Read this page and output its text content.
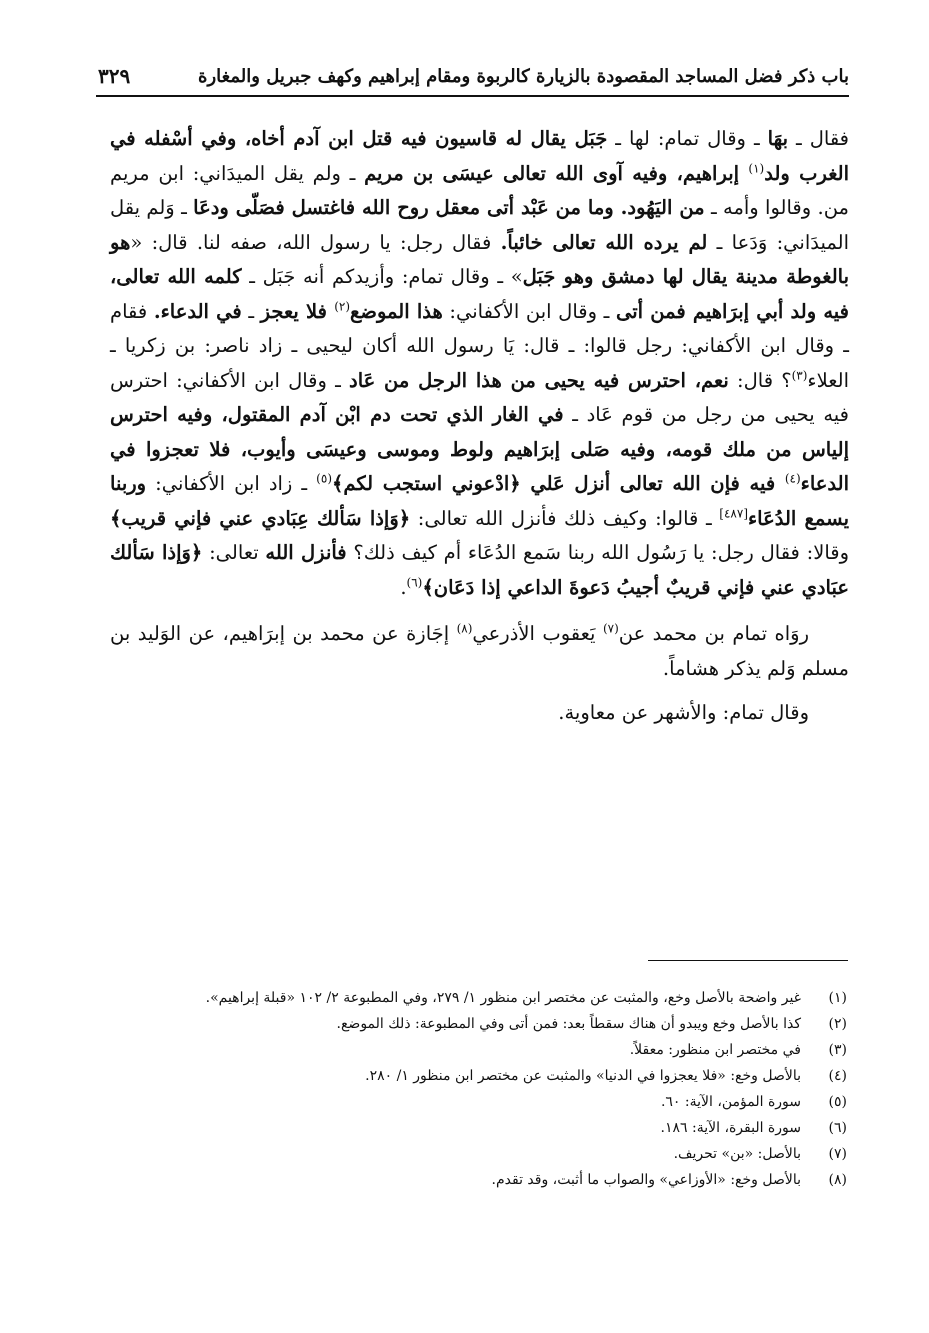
باب ذكر فضل المساجد المقصودة بالزيارة كالربوة ومقام إبراهيم وكهف جبريل والمغارة
٣٢٩

فقال ـ بهَا ـ وقال تمام: لها ـ جَبَل يقال له قاسيون فيه قتل ابن آدم أخاه، وفي أسْفله في الغرب ولد$^{(١)}$ إبراهيم، وفيه آوى الله تعالى عيسَى بن مريم ـ ولم يقل الميدَاني: ابن مريم من. وقالوا وأمه ـ من اليَهُود. وما من عَبْد أتى معقل روح الله فاغتسل فصَلّى ودعَا ـ وَلم يقل الميدَاني: وَدَعا ـ لم يرده الله تعالى خائباً. فقال رجل: يا رسول الله، صفه لنا. قال: «هو بالغوطة مدينة يقال لها دمشق وهو جَبَل» ـ وقال تمام: وأزيدكم أنه جَبَل ـ كلمه الله تعالى، فيه ولد أبي إبرَاهيم فمن أتى ـ وقال ابن الأكفاني: هذا الموضع$^{(٢)}$ فلا يعجز ـ في الدعاء. فقام ـ وقال ابن الأكفاني: رجل قالوا: ـ قال: يَا رسول الله أكان ليحيى ـ زاد ناصر: بن زكريا ـ العلاء$^{(٣)}$؟ قال: نعم، احترس فيه يحيى من هذا الرجل من عَاد ـ وقال ابن الأكفاني: احترس فيه يحيى من رجل من قوم عَاد ـ في الغار الذي تحت دم ابْن آدم المقتول، وفيه احترس إلياس من ملك قومه، وفيه صَلى إبرَاهيم ولوط وموسى وعيسَى وأيوب، فلا تعجزوا في الدعاء$^{(٤)}$ فيه فإن الله تعالى أنزل عَلي ﴿ادْعوني استجب لكم﴾$^{(٥)}$ ـ زاد ابن الأكفاني: وربنا يسمع الدُعَاء[٤٨٧] ـ قالوا: وكيف ذلك فأنزل الله تعالى: ﴿وَإذا سَألك عِبَادي عني فإني قريب﴾ وقالا: فقال رجل: يا رَسُول الله ربنا سَمع الدُعَاء أم كيف ذلك؟ فأنزل الله تعالى: ﴿وَإذا سَألك عبَادي عني فإني قريبٌ أجيبُ دَعوةَ الداعي إذا دَعَان﴾$^{(٦)}$.

روَاه تمام بن محمد عن$^{(٧)}$ يَعقوب الأذرعي$^{(٨)}$ إجَازة عن محمد بن إبرَاهيم، عن الوَليد بن مسلم وَلم يذكر هشاماً.

وقال تمام: والأشهر عن معاوية.

(١)
غير واضحة بالأصل وخع، والمثبت عن مختصر ابن منظور ١/ ٢٧٩، وفي المطبوعة ٢/ ١٠٢ «قبلة إبراهيم».
(٢)
كذا بالأصل وخع ويبدو أن هناك سقطاً بعد: فمن أتى وفي المطبوعة: ذلك الموضع.
(٣)
في مختصر ابن منظور: معقلاً.
(٤)
بالأصل وخع: «فلا يعجزوا في الدنيا» والمثبت عن مختصر ابن منظور ١/ ٢٨٠.
(٥)
سورة المؤمن، الآية: ٦٠.
(٦)
سورة البقرة، الآية: ١٨٦.
(٧)
بالأصل: «بن» تحريف.
(٨)
بالأصل وخع: «الأوزاعي» والصواب ما أثبت، وقد تقدم.
